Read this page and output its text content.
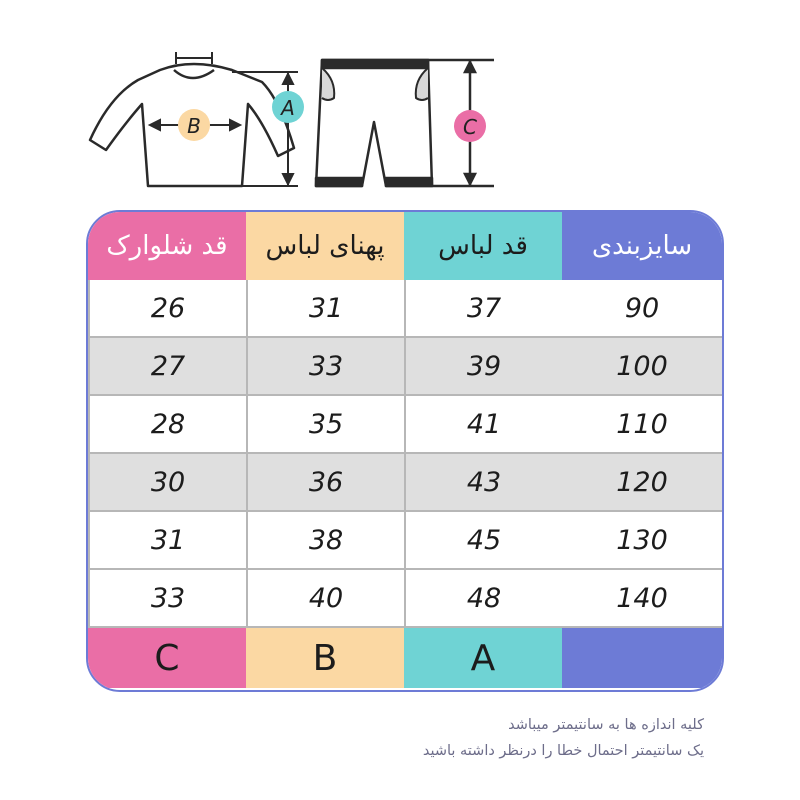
B
A
C
سایزبندی
قد لباس
پهنای لباس
قد شلوارک
90
37
31
26
100
39
33
27
110
41
35
28
120
43
36
30
130
45
38
31
140
48
40
33
A
B
C
کلیه اندازه ها به سانتیمتر میباشد
یک سانتیمتر احتمال خطا را درنظر داشته باشید
